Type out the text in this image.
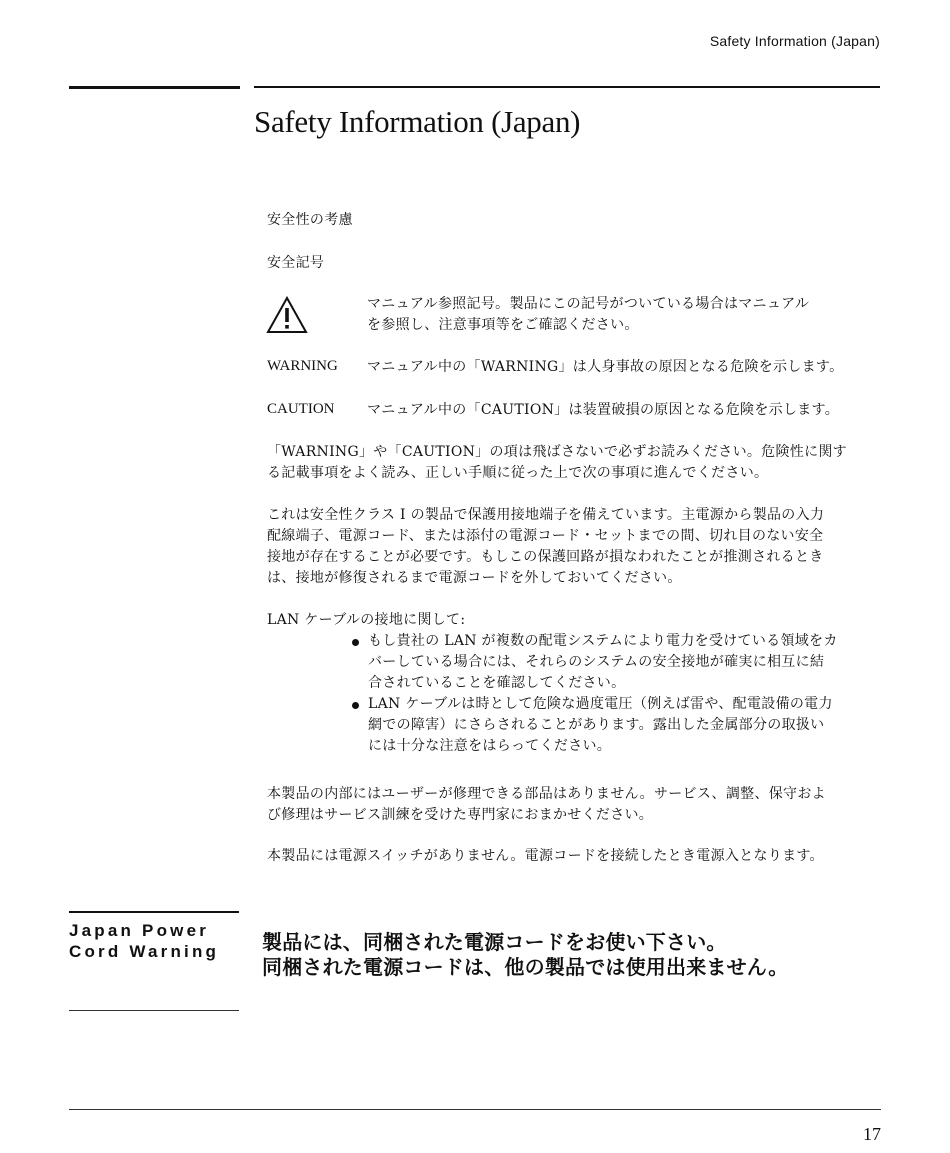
Safety Information (Japan)
Safety Information (Japan)
安全性の考慮
安全記号

マニュアル参照記号。製品にこの記号がついている場合はマニュアル

を参照し、注意事項等をご確認ください。

WARNING マニュアル中の「WARNING」は人身事故の原因となる危険を示します。
CAUTION マニュアル中の「CAUTION」は装置破損の原因となる危険を示します。

「WARNING」や「CAUTION」の項は飛ばさないで必ずお読みください。危険性に関す

る記載事項をよく読み、正しい手順に従った上で次の事項に進んでください。

これは安全性クラス I の製品で保護用接地端子を備えています。主電源から製品の入力

配線端子、電源コード、または添付の電源コード・セットまでの間、切れ目のない安全

接地が存在することが必要です。もしこの保護回路が損なわれたことが推測されるとき

は、接地が修復されるまで電源コードを外しておいてください。

LAN ケーブルの接地に関して:

もし貴社の LAN が複数の配電システムにより電力を受けている領域をカ

バーしている場合には、それらのシステムの安全接地が確実に相互に結

合されていることを確認してください。

LAN ケーブルは時として危険な過度電圧（例えば雷や、配電設備の電力

網での障害）にさらされることがあります。露出した金属部分の取扱い

には十分な注意をはらってください。

本製品の内部にはユーザーが修理できる部品はありません。サービス、調整、保守およ

び修理はサービス訓練を受けた専門家におまかせください。

本製品には電源スイッチがありません。電源コードを接続したとき電源入となります。
Japan Power
Cord Warning 製品には、同梱された電源コードをお使い下さい。
同梱された電源コードは、他の製品では使用出来ません。
17
